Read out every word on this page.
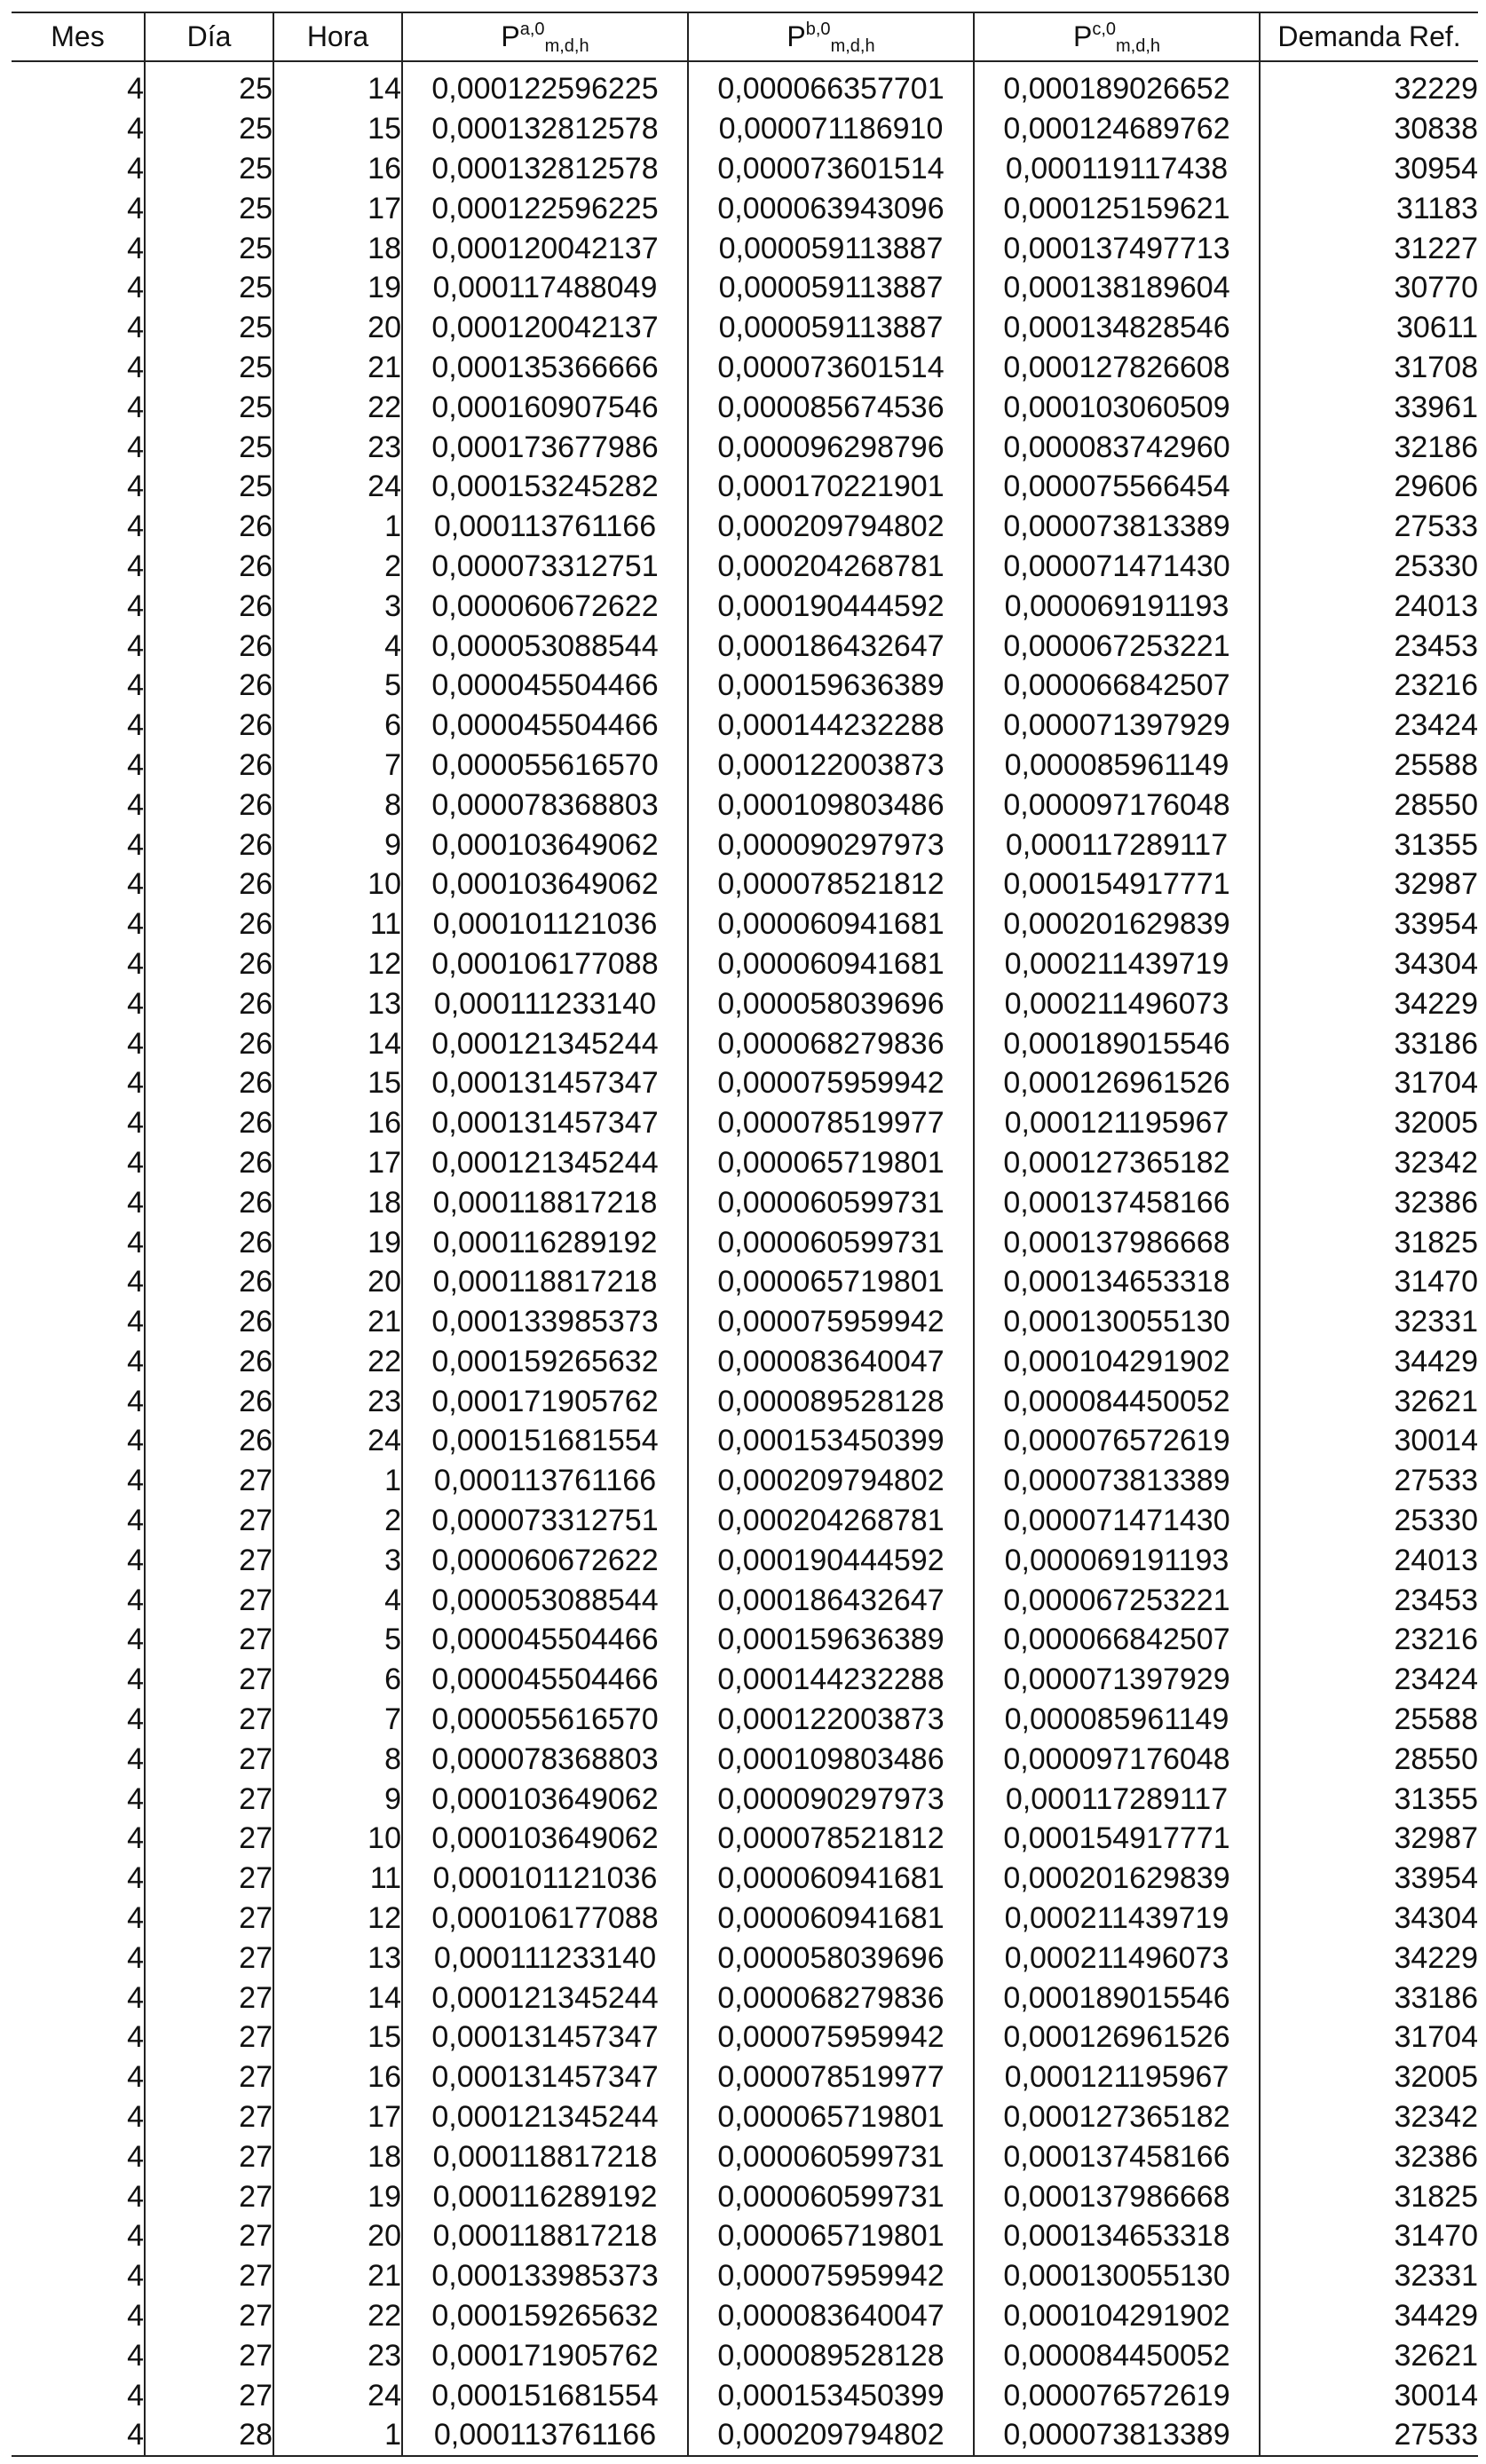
Mes	Día	Hora	P$^{a,0}_{m,d,h}$	P$^{b,0}_{m,d,h}$	P$^{c,0}_{m,d,h}$	Demanda Ref.
4	25	14	0,000122596225	0,000066357701	0,000189026652	32229
4	25	15	0,000132812578	0,000071186910	0,000124689762	30838
4	25	16	0,000132812578	0,000073601514	0,000119117438	30954
4	25	17	0,000122596225	0,000063943096	0,000125159621	31183
4	25	18	0,000120042137	0,000059113887	0,000137497713	31227
4	25	19	0,000117488049	0,000059113887	0,000138189604	30770
4	25	20	0,000120042137	0,000059113887	0,000134828546	30611
4	25	21	0,000135366666	0,000073601514	0,000127826608	31708
4	25	22	0,000160907546	0,000085674536	0,000103060509	33961
4	25	23	0,000173677986	0,000096298796	0,000083742960	32186
4	25	24	0,000153245282	0,000170221901	0,000075566454	29606
4	26	1	0,000113761166	0,000209794802	0,000073813389	27533
4	26	2	0,000073312751	0,000204268781	0,000071471430	25330
4	26	3	0,000060672622	0,000190444592	0,000069191193	24013
4	26	4	0,000053088544	0,000186432647	0,000067253221	23453
4	26	5	0,000045504466	0,000159636389	0,000066842507	23216
4	26	6	0,000045504466	0,000144232288	0,000071397929	23424
4	26	7	0,000055616570	0,000122003873	0,000085961149	25588
4	26	8	0,000078368803	0,000109803486	0,000097176048	28550
4	26	9	0,000103649062	0,000090297973	0,000117289117	31355
4	26	10	0,000103649062	0,000078521812	0,000154917771	32987
4	26	11	0,000101121036	0,000060941681	0,000201629839	33954
4	26	12	0,000106177088	0,000060941681	0,000211439719	34304
4	26	13	0,000111233140	0,000058039696	0,000211496073	34229
4	26	14	0,000121345244	0,000068279836	0,000189015546	33186
4	26	15	0,000131457347	0,000075959942	0,000126961526	31704
4	26	16	0,000131457347	0,000078519977	0,000121195967	32005
4	26	17	0,000121345244	0,000065719801	0,000127365182	32342
4	26	18	0,000118817218	0,000060599731	0,000137458166	32386
4	26	19	0,000116289192	0,000060599731	0,000137986668	31825
4	26	20	0,000118817218	0,000065719801	0,000134653318	31470
4	26	21	0,000133985373	0,000075959942	0,000130055130	32331
4	26	22	0,000159265632	0,000083640047	0,000104291902	34429
4	26	23	0,000171905762	0,000089528128	0,000084450052	32621
4	26	24	0,000151681554	0,000153450399	0,000076572619	30014
4	27	1	0,000113761166	0,000209794802	0,000073813389	27533
4	27	2	0,000073312751	0,000204268781	0,000071471430	25330
4	27	3	0,000060672622	0,000190444592	0,000069191193	24013
4	27	4	0,000053088544	0,000186432647	0,000067253221	23453
4	27	5	0,000045504466	0,000159636389	0,000066842507	23216
4	27	6	0,000045504466	0,000144232288	0,000071397929	23424
4	27	7	0,000055616570	0,000122003873	0,000085961149	25588
4	27	8	0,000078368803	0,000109803486	0,000097176048	28550
4	27	9	0,000103649062	0,000090297973	0,000117289117	31355
4	27	10	0,000103649062	0,000078521812	0,000154917771	32987
4	27	11	0,000101121036	0,000060941681	0,000201629839	33954
4	27	12	0,000106177088	0,000060941681	0,000211439719	34304
4	27	13	0,000111233140	0,000058039696	0,000211496073	34229
4	27	14	0,000121345244	0,000068279836	0,000189015546	33186
4	27	15	0,000131457347	0,000075959942	0,000126961526	31704
4	27	16	0,000131457347	0,000078519977	0,000121195967	32005
4	27	17	0,000121345244	0,000065719801	0,000127365182	32342
4	27	18	0,000118817218	0,000060599731	0,000137458166	32386
4	27	19	0,000116289192	0,000060599731	0,000137986668	31825
4	27	20	0,000118817218	0,000065719801	0,000134653318	31470
4	27	21	0,000133985373	0,000075959942	0,000130055130	32331
4	27	22	0,000159265632	0,000083640047	0,000104291902	34429
4	27	23	0,000171905762	0,000089528128	0,000084450052	32621
4	27	24	0,000151681554	0,000153450399	0,000076572619	30014
4	28	1	0,000113761166	0,000209794802	0,000073813389	27533
